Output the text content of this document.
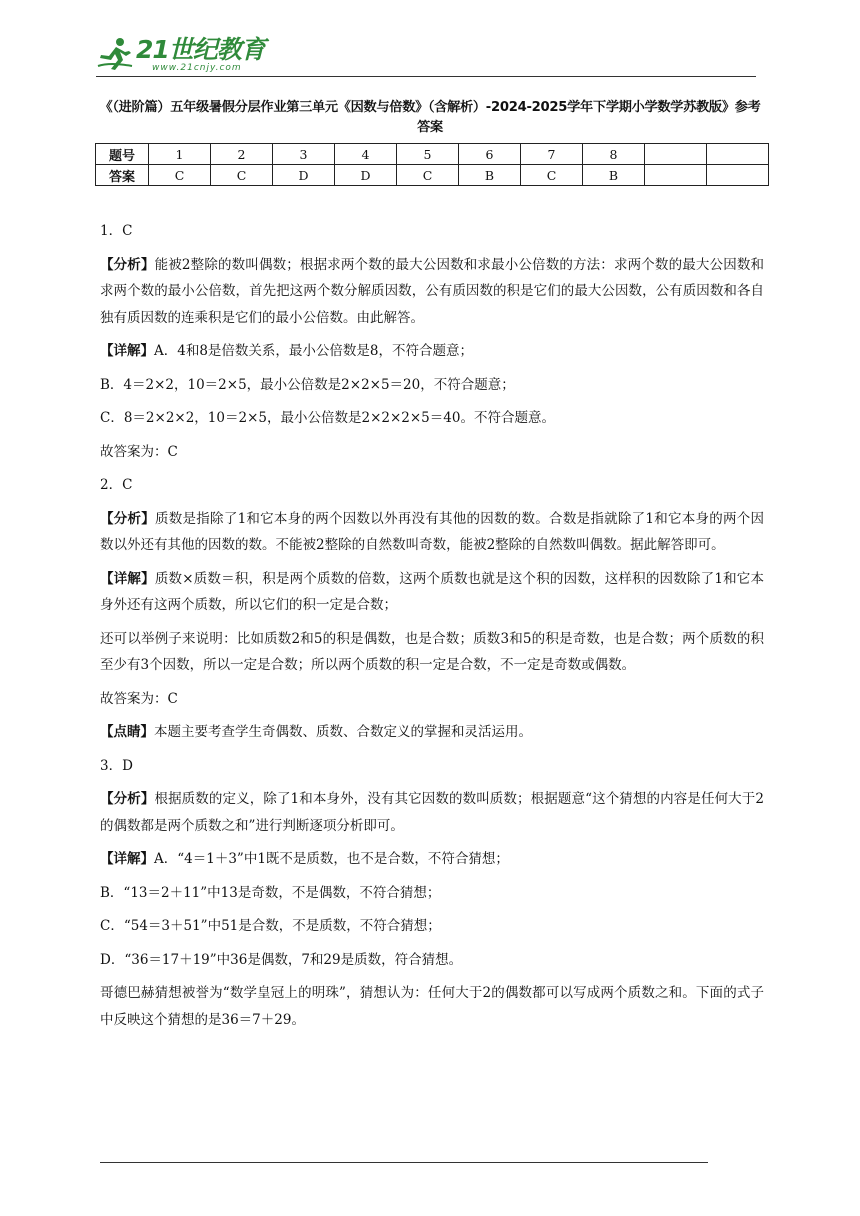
21世纪教育
www.21cnjy.com
《（进阶篇）五年级暑假分层作业第三单元《因数与倍数》（含解析）-2024-2025学年下学期小学数学苏教版》参考答案
题号	1	2	3	4	5	6	7	8		
答案	C	C	D	D	C	B	C	B		

1．C

【分析】能被2整除的数叫偶数；根据求两个数的最大公因数和求最小公倍数的方法：求两个数的最大公因数和求两个数的最小公倍数，首先把这两个数分解质因数，公有质因数的积是它们的最大公因数，公有质因数和各自独有质因数的连乘积是它们的最小公倍数。由此解答。

【详解】A．4和8是倍数关系，最小公倍数是8，不符合题意；

B．4＝2×2，10＝2×5，最小公倍数是2×2×5＝20，不符合题意；

C．8＝2×2×2，10＝2×5，最小公倍数是2×2×2×5＝40。不符合题意。

故答案为：C

2．C

【分析】质数是指除了1和它本身的两个因数以外再没有其他的因数的数。合数是指就除了1和它本身的两个因数以外还有其他的因数的数。不能被2整除的自然数叫奇数，能被2整除的自然数叫偶数。据此解答即可。

【详解】质数×质数＝积，积是两个质数的倍数，这两个质数也就是这个积的因数，这样积的因数除了1和它本身外还有这两个质数，所以它们的积一定是合数；

还可以举例子来说明：比如质数2和5的积是偶数，也是合数；质数3和5的积是奇数，也是合数；两个质数的积至少有3个因数，所以一定是合数；所以两个质数的积一定是合数，不一定是奇数或偶数。

故答案为：C

【点睛】本题主要考查学生奇偶数、质数、合数定义的掌握和灵活运用。

3．D

【分析】根据质数的定义，除了1和本身外，没有其它因数的数叫质数；根据题意“这个猜想的内容是任何大于2的偶数都是两个质数之和”进行判断逐项分析即可。

【详解】A．“4＝1＋3”中1既不是质数，也不是合数，不符合猜想；

B．“13＝2＋11”中13是奇数，不是偶数，不符合猜想；

C．“54＝3＋51”中51是合数，不是质数，不符合猜想；

D．“36＝17＋19”中36是偶数，7和29是质数，符合猜想。

哥德巴赫猜想被誉为“数学皇冠上的明珠”，猜想认为：任何大于2的偶数都可以写成两个质数之和。下面的式子中反映这个猜想的是36＝7＋29。
